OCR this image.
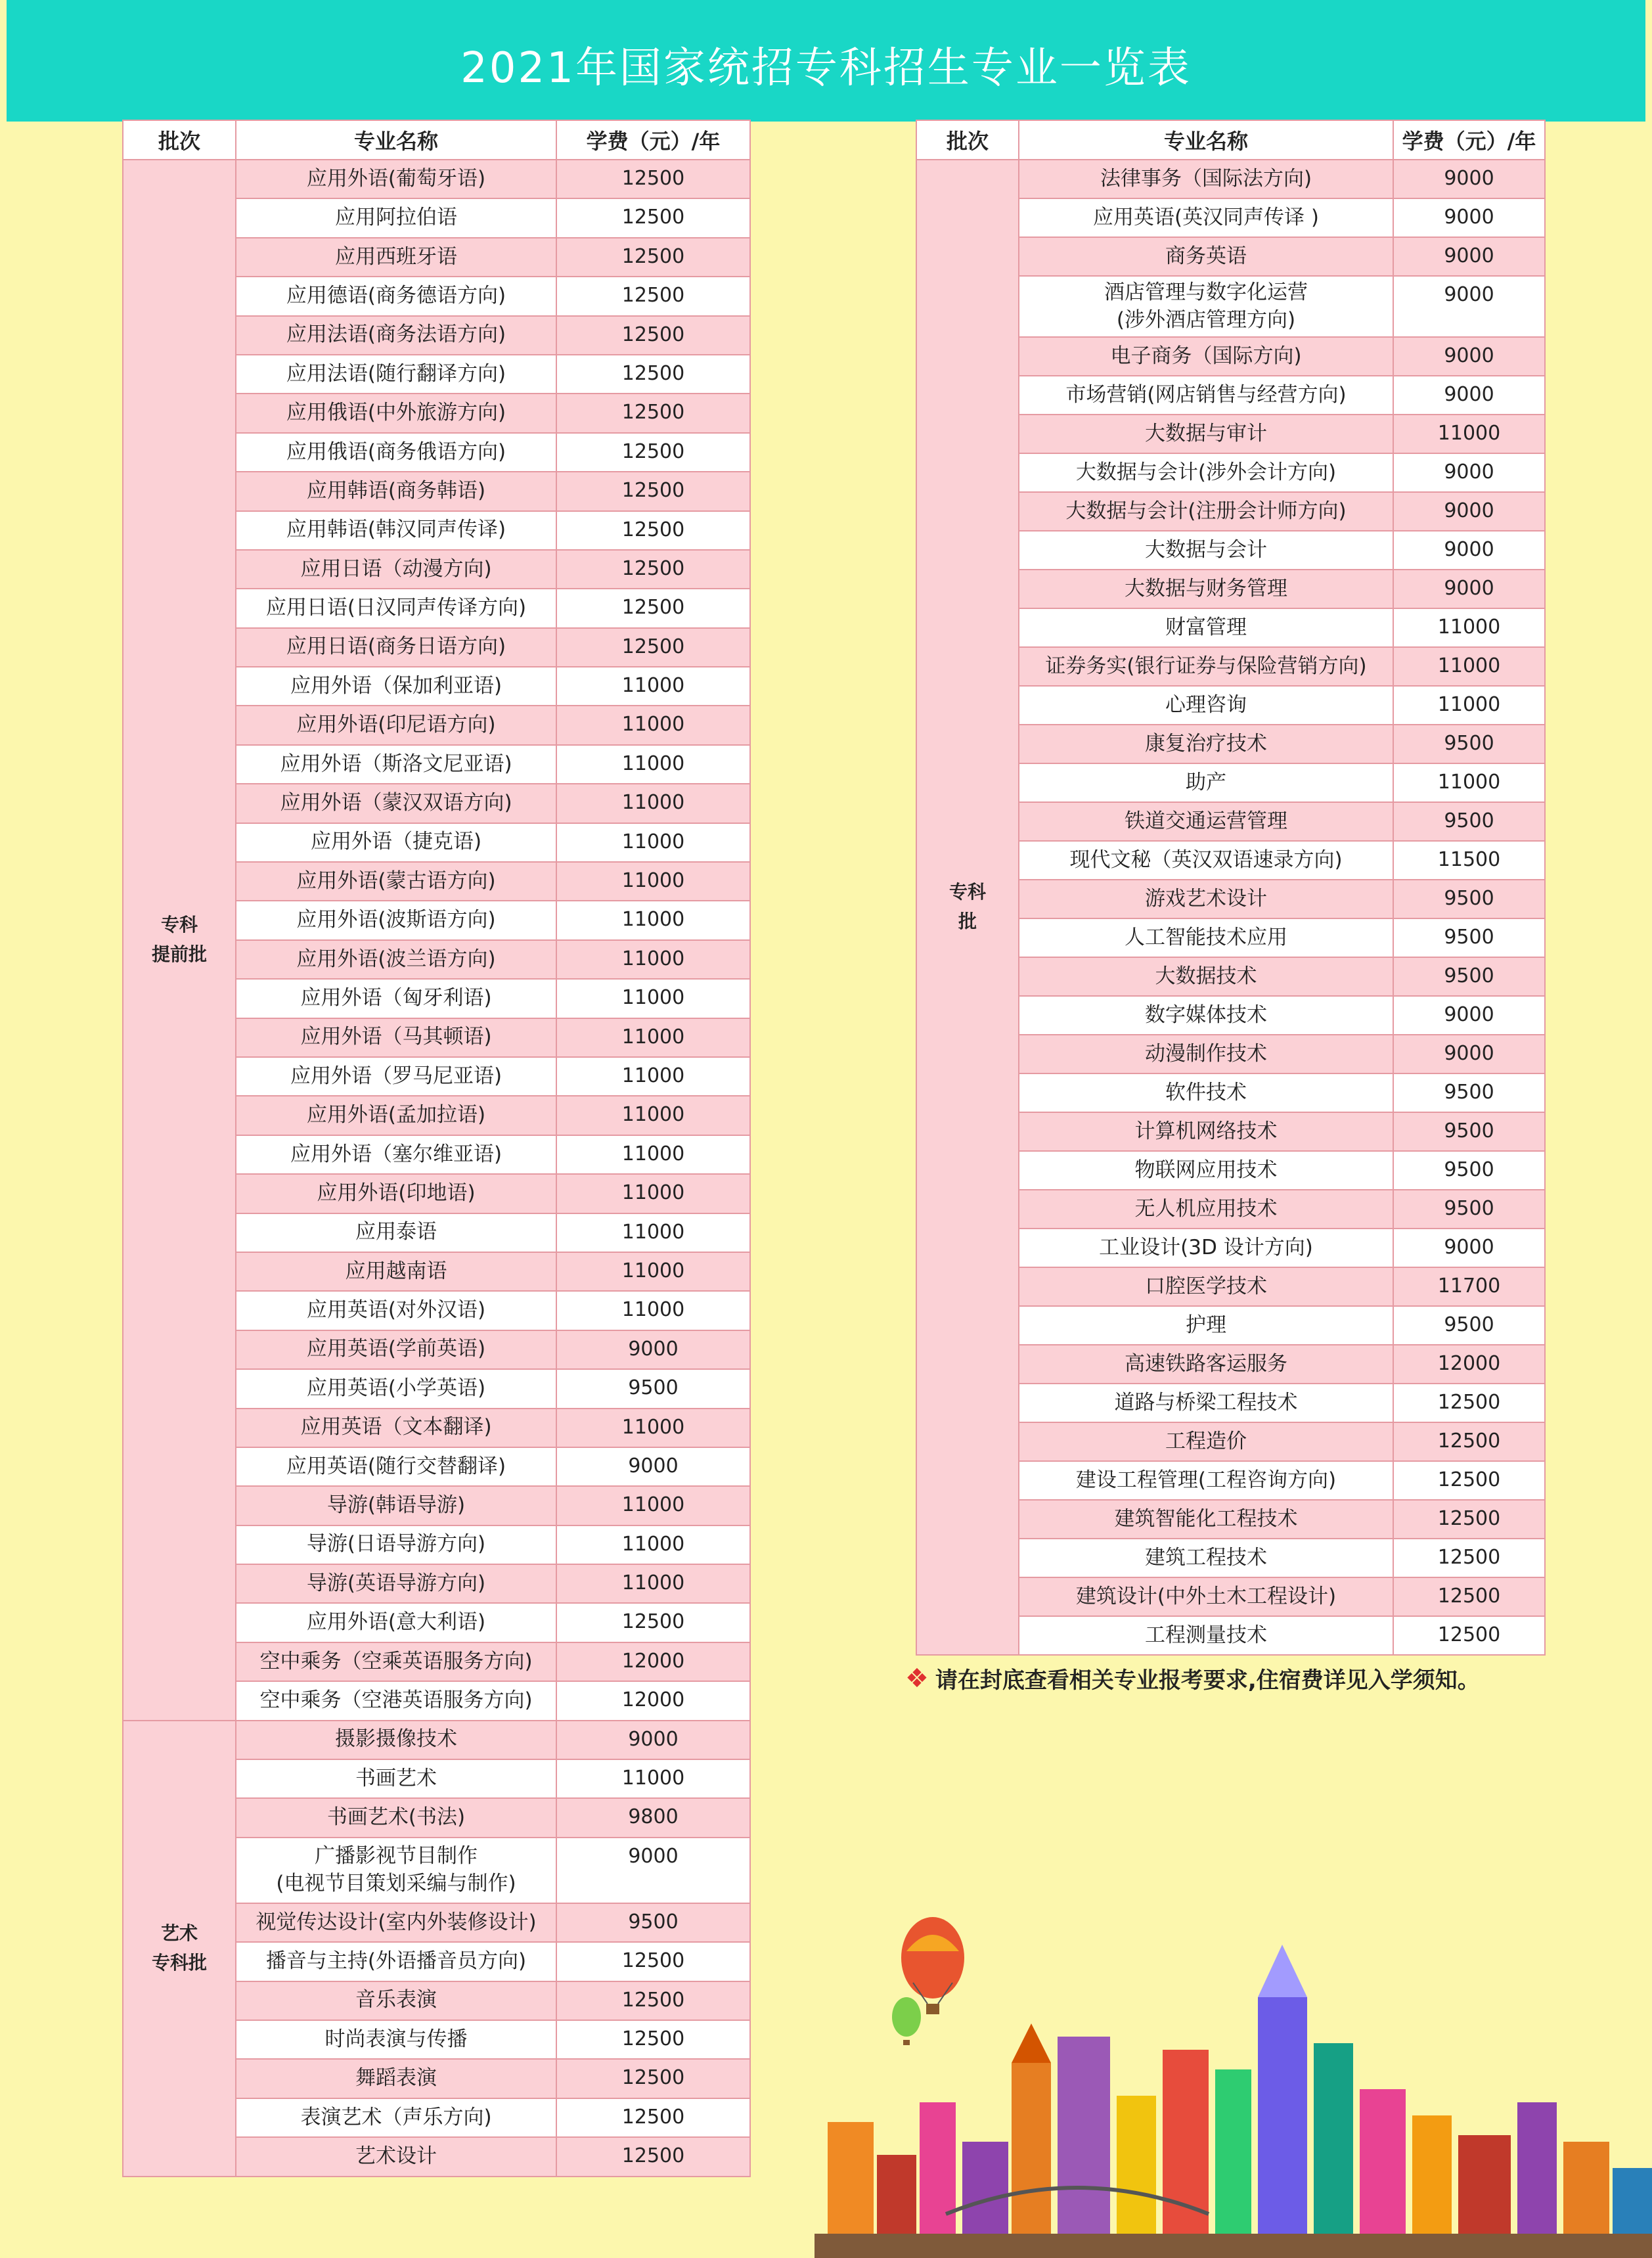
2021年国家统招专科招生专业一览表
批次	专业名称	学费（元）/年
专科
提前批	应用外语(葡萄牙语)	12500
	应用阿拉伯语	12500
	应用西班牙语	12500
	应用德语(商务德语方向)	12500
	应用法语(商务法语方向)	12500
	应用法语(随行翻译方向)	12500
	应用俄语(中外旅游方向)	12500
	应用俄语(商务俄语方向)	12500
	应用韩语(商务韩语)	12500
	应用韩语(韩汉同声传译)	12500
	应用日语（动漫方向)	12500
	应用日语(日汉同声传译方向)	12500
	应用日语(商务日语方向)	12500
	应用外语（保加利亚语)	11000
	应用外语(印尼语方向)	11000
	应用外语（斯洛文尼亚语)	11000
	应用外语（蒙汉双语方向)	11000
	应用外语（捷克语)	11000
	应用外语(蒙古语方向)	11000
	应用外语(波斯语方向)	11000
	应用外语(波兰语方向)	11000
	应用外语（匈牙利语)	11000
	应用外语（马其顿语)	11000
	应用外语（罗马尼亚语)	11000
	应用外语(孟加拉语)	11000
	应用外语（塞尔维亚语)	11000
	应用外语(印地语)	11000
	应用泰语	11000
	应用越南语	11000
	应用英语(对外汉语)	11000
	应用英语(学前英语)	9000
	应用英语(小学英语)	9500
	应用英语（文本翻译)	11000
	应用英语(随行交替翻译)	9000
	导游(韩语导游)	11000
	导游(日语导游方向)	11000
	导游(英语导游方向)	11000
	应用外语(意大利语)	12500
	空中乘务（空乘英语服务方向)	12000
	空中乘务（空港英语服务方向)	12000
艺术
专科批	摄影摄像技术	9000
	书画艺术	11000
	书画艺术(书法)	9800
	广播影视节目制作
(电视节目策划采编与制作)	9000
	视觉传达设计(室内外装修设计)	9500
	播音与主持(外语播音员方向)	12500
	音乐表演	12500
	时尚表演与传播	12500
	舞蹈表演	12500
	表演艺术（声乐方向)	12500
	艺术设计	12500
批次	专业名称	学费（元）/年
专科
批	法律事务（国际法方向)	9000
	应用英语(英汉同声传译 )	9000
	商务英语	9000
	酒店管理与数字化运营
(涉外酒店管理方向)	9000
	电子商务（国际方向)	9000
	市场营销(网店销售与经营方向)	9000
	大数据与审计	11000
	大数据与会计(涉外会计方向)	9000
	大数据与会计(注册会计师方向)	9000
	大数据与会计	9000
	大数据与财务管理	9000
	财富管理	11000
	证券务实(银行证券与保险营销方向)	11000
	心理咨询	11000
	康复治疗技术	9500
	助产	11000
	铁道交通运营管理	9500
	现代文秘（英汉双语速录方向)	11500
	游戏艺术设计	9500
	人工智能技术应用	9500
	大数据技术	9500
	数字媒体技术	9000
	动漫制作技术	9000
	软件技术	9500
	计算机网络技术	9500
	物联网应用技术	9500
	无人机应用技术	9500
	工业设计(3D 设计方向)	9000
	口腔医学技术	11700
	护理	9500
	高速铁路客运服务	12000
	道路与桥梁工程技术	12500
	工程造价	12500
	建设工程管理(工程咨询方向)	12500
	建筑智能化工程技术	12500
	建筑工程技术	12500
	建筑设计(中外土木工程设计)	12500
	工程测量技术	12500
❖ 请在封底查看相关专业报考要求,住宿费详见入学须知。
